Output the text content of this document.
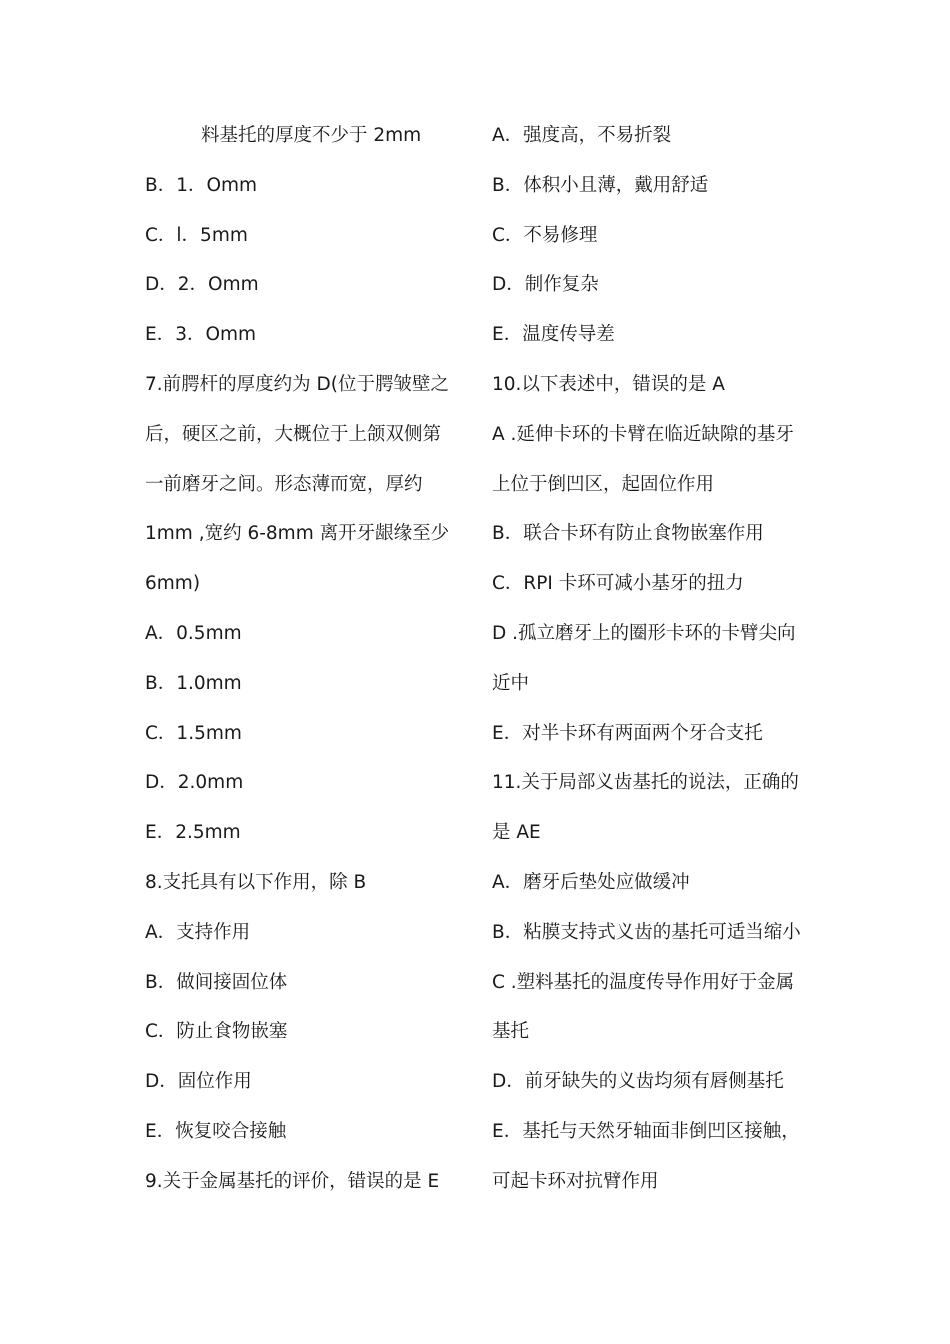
料基托的厚度不少于 2mm
B．1．Omm
C．l．5mm
D．2．Omm
E．3．Omm
7.前腭杆的厚度约为 D(位于腭皱壁之
后，硬区之前，大概位于上颌双侧第
一前磨牙之间。形态薄而宽，厚约
1mm ,宽约 6-8mm 离开牙龈缘至少
6mm)
A．0.5mm
B．1.0mm
C．1.5mm
D．2.0mm
E．2.5mm
8.支托具有以下作用，除 B
A．支持作用
B．做间接固位体
C．防止食物嵌塞
D．固位作用
E．恢复咬合接触
9.关于金属基托的评价，错误的是 E
A．强度高，不易折裂
B．体积小且薄，戴用舒适
C．不易修理
D．制作复杂
E．温度传导差
10.以下表述中，错误的是 A
A .延伸卡环的卡臂在临近缺隙的基牙
上位于倒凹区，起固位作用
B．联合卡环有防止食物嵌塞作用
C．RPI 卡环可减小基牙的扭力
D .孤立磨牙上的圈形卡环的卡臂尖向
近中
E．对半卡环有两面两个牙合支托
11.关于局部义齿基托的说法，正确的
是 AE
A．磨牙后垫处应做缓冲
B．粘膜支持式义齿的基托可适当缩小
C .塑料基托的温度传导作用好于金属
基托
D．前牙缺失的义齿均须有唇侧基托
E．基托与天然牙轴面非倒凹区接触，
可起卡环对抗臂作用
